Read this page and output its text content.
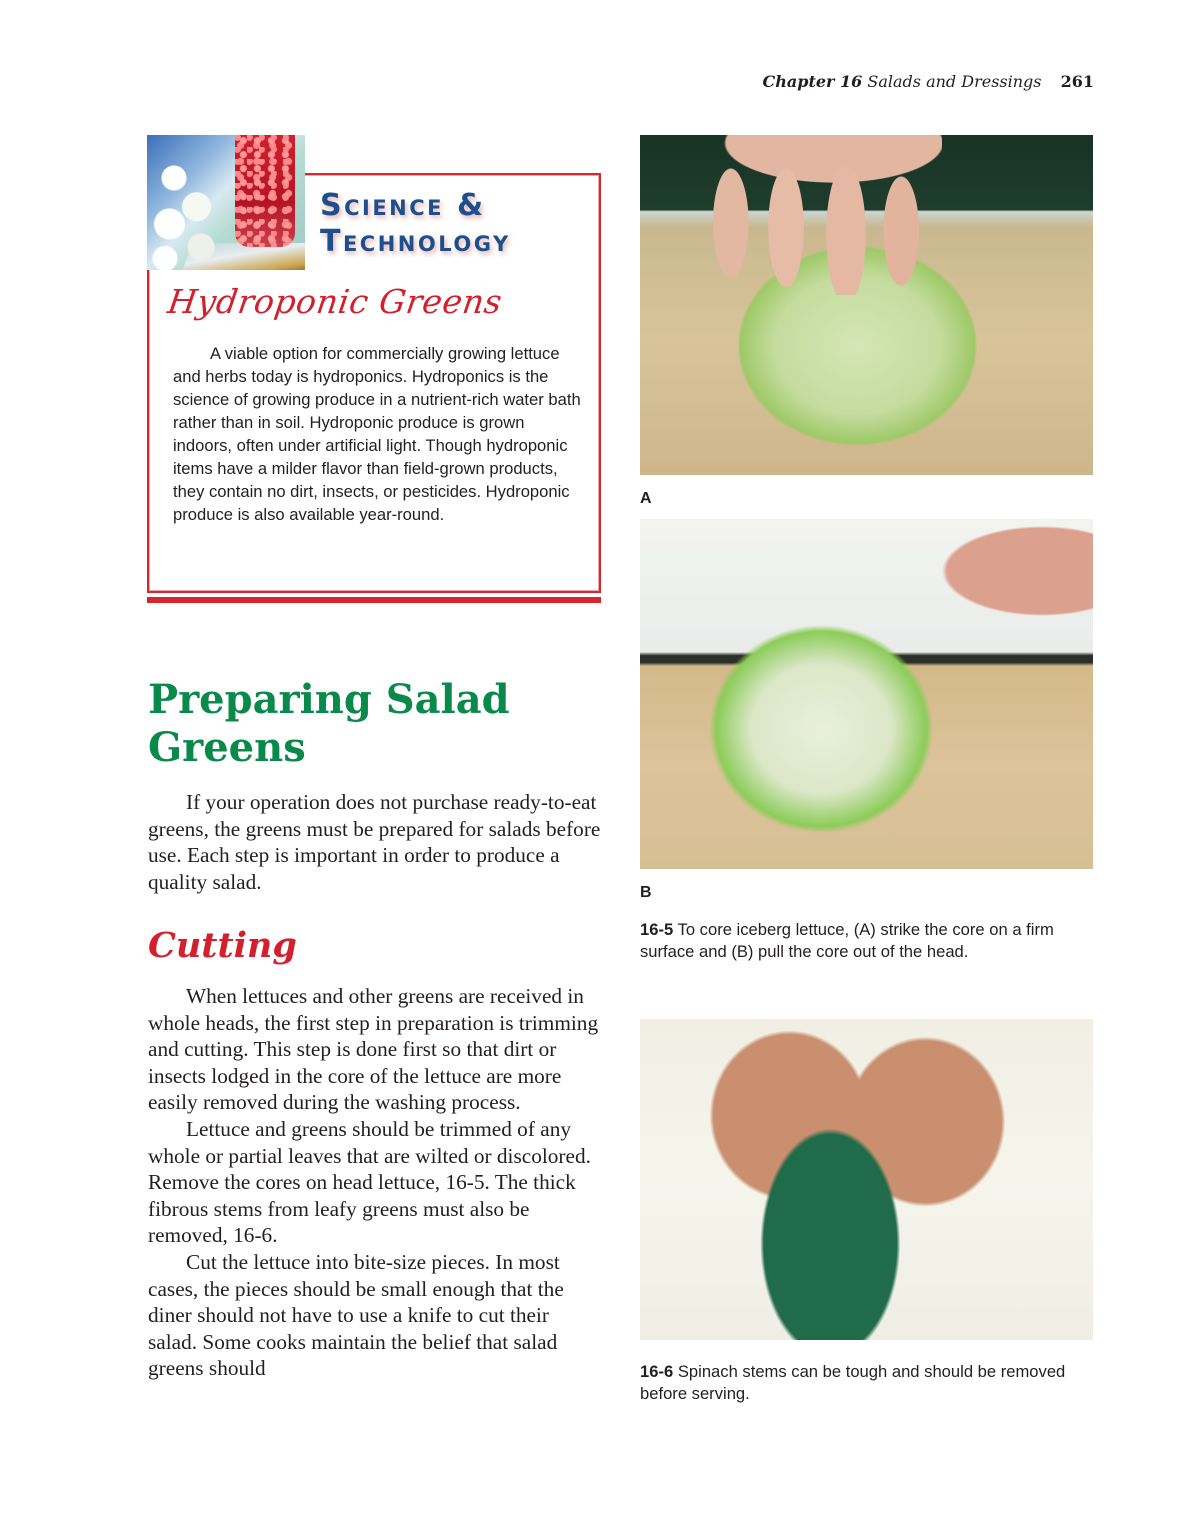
Chapter 16 Salads and Dressings 261
Science &
Technology
Hydroponic Greens

A viable option for commercially growing lettuce and herbs today is hydroponics. Hydroponics is the science of growing produce in a nutrient-rich water bath rather than in soil. Hydroponic produce is grown indoors, often under artificial light. Though hydroponic items have a milder flavor than field-grown products, they contain no dirt, insects, or pesticides. Hydroponic produce is also available year-round.

Preparing Salad Greens

If your operation does not purchase ready-to-eat greens, the greens must be prepared for salads before use. Each step is important in order to produce a quality salad.

Cutting

When lettuces and other greens are received in whole heads, the first step in preparation is trimming and cutting. This step is done first so that dirt or insects lodged in the core of the lettuce are more easily removed during the washing process.

Lettuce and greens should be trimmed of any whole or partial leaves that are wilted or discolored. Remove the cores on head lettuce, 16-5. The thick fibrous stems from leafy greens must also be removed, 16-6.

Cut the lettuce into bite-size pieces. In most cases, the pieces should be small enough that the diner should not have to use a knife to cut their salad. Some cooks maintain the belief that salad greens should

A
B
16-5 To core iceberg lettuce, (A) strike the core on a firm surface and (B) pull the core out of the head.
16-6 Spinach stems can be tough and should be removed before serving.
